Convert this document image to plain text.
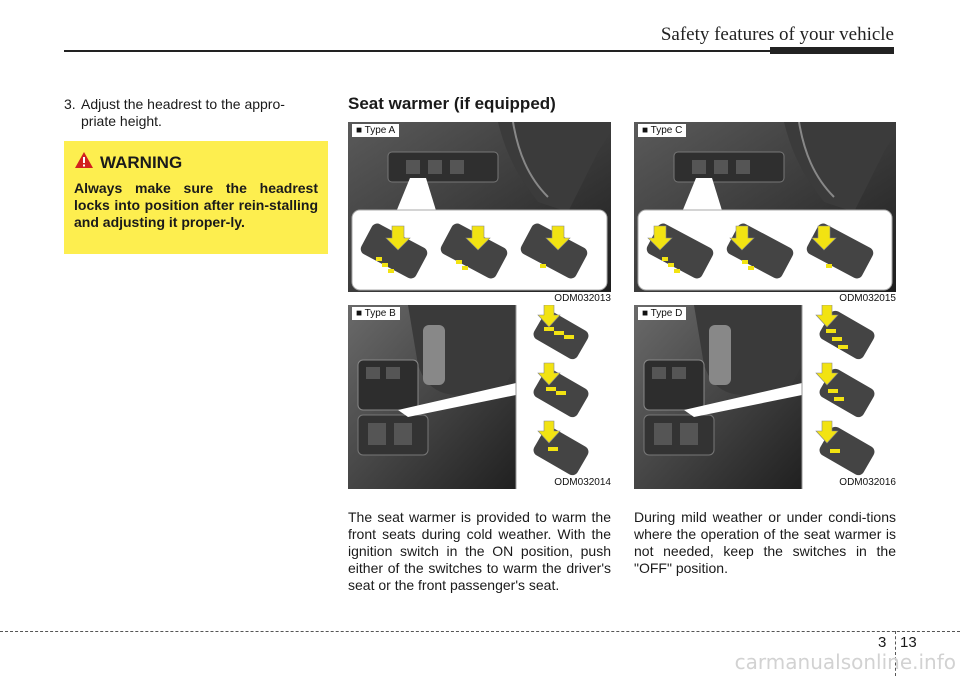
Safety features of your vehicle
3. Adjust the headrest to the appro-
priate height.
WARNING
Always make sure the headrest locks into position after rein-stalling and adjusting it proper-ly.
Seat warmer (if equipped)
■ Type A
ODM032013
■ Type C
ODM032015
■ Type B
ODM032014
■ Type D
ODM032016
The seat warmer is provided to warm the front seats during cold weather. With the ignition switch in the ON position, push either of the switches to warm the driver's seat or the front passenger's seat.
During mild weather or under condi-tions where the operation of the seat warmer is not needed, keep the switches in the "OFF" position.
3 13
carmanualsonline.info
